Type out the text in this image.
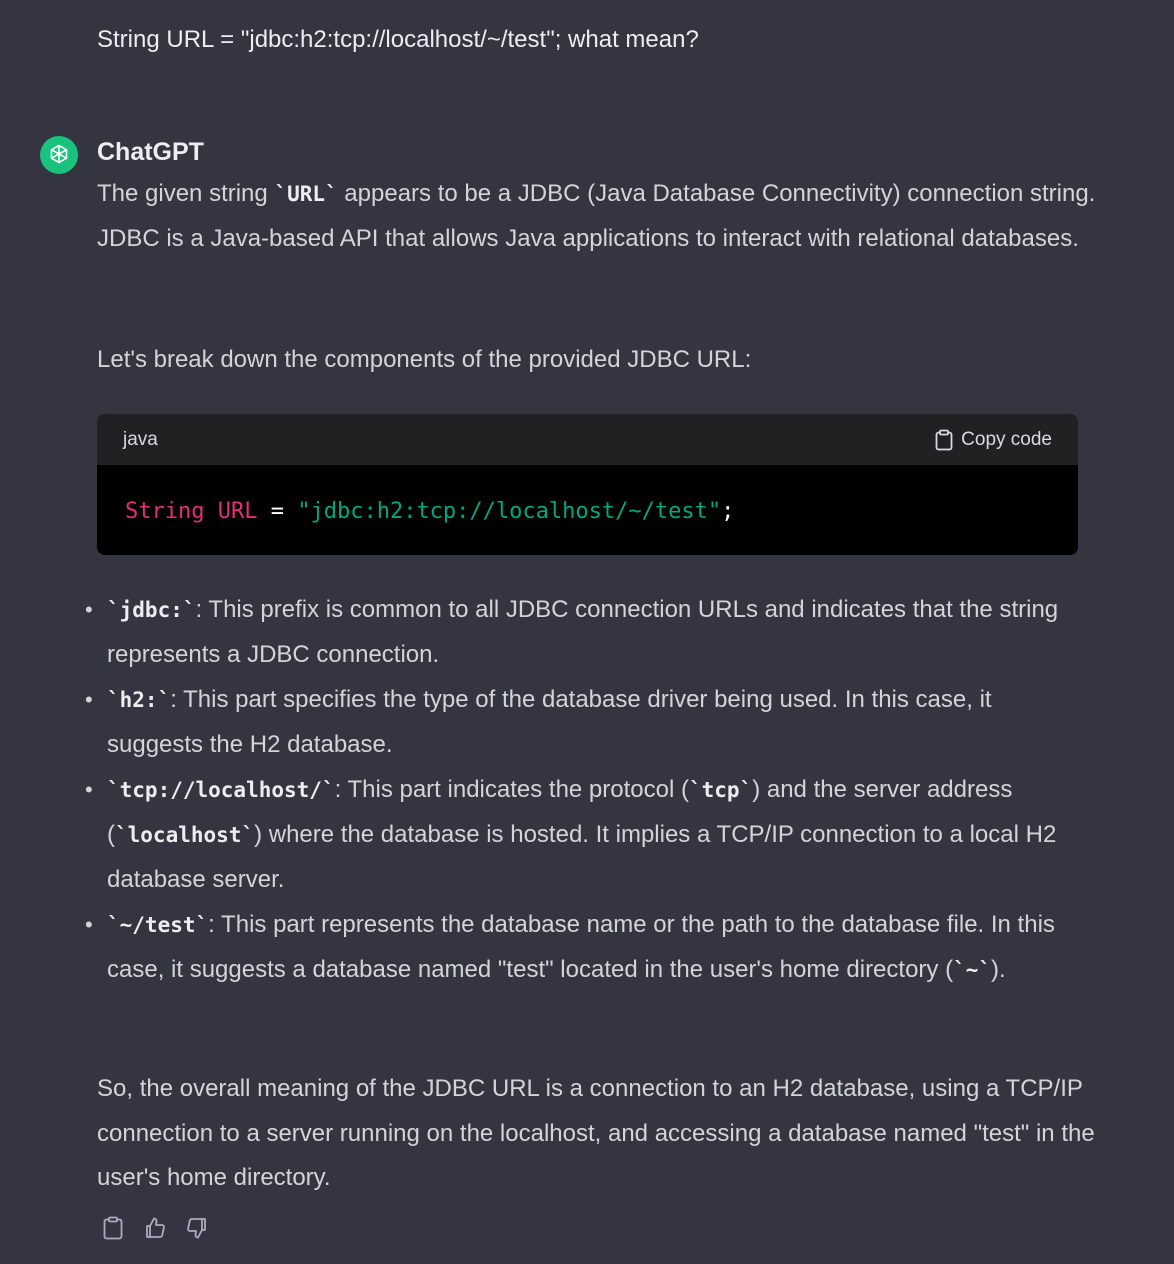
String URL = "jdbc:h2:tcp://localhost/~/test"; what mean?
ChatGPT
The given string `URL` appears to be a JDBC (Java Database Connectivity) connection string. JDBC is a Java-based API that allows Java applications to interact with relational databases.
Let's break down the components of the provided JDBC URL:
java	Copy code
String URL = "jdbc:h2:tcp://localhost/~/test";
• `jdbc:`: This prefix is common to all JDBC connection URLs and indicates that the string represents a JDBC connection.
• `h2:`: This part specifies the type of the database driver being used. In this case, it suggests the H2 database.
• `tcp://localhost/`: This part indicates the protocol (`tcp`) and the server address (`localhost`) where the database is hosted. It implies a TCP/IP connection to a local H2 database server.
• `~/test`: This part represents the database name or the path to the database file. In this case, it suggests a database named "test" located in the user's home directory (`~`).
So, the overall meaning of the JDBC URL is a connection to an H2 database, using a TCP/IP connection to a server running on the localhost, and accessing a database named "test" in the user's home directory.
